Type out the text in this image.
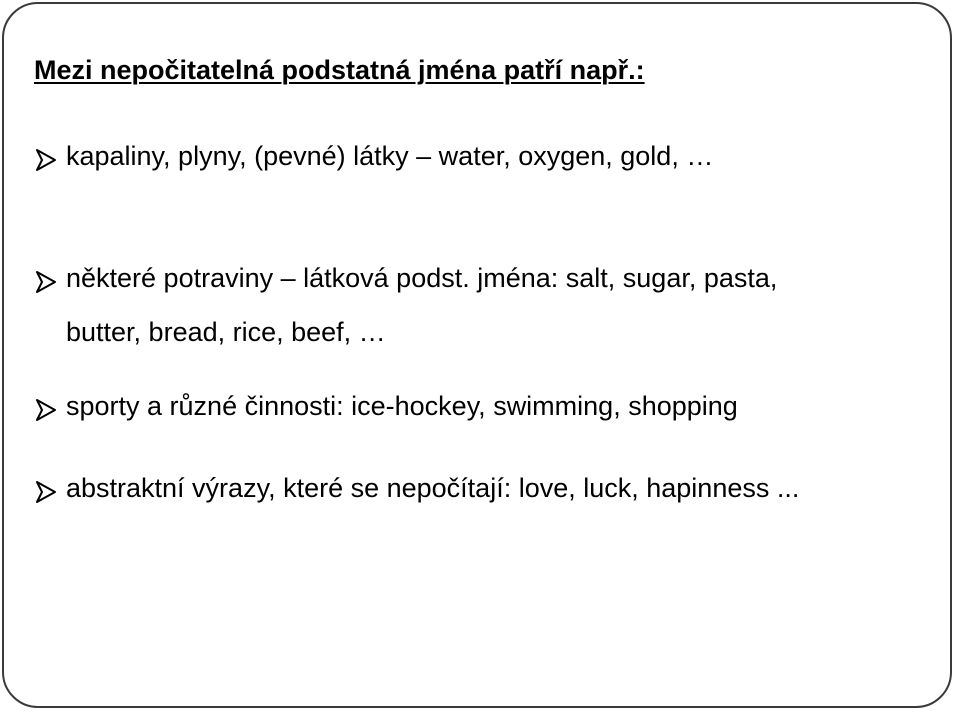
Mezi nepočitatelná podstatná jména patří např.:
kapaliny, plyny, (pevné) látky – water, oxygen, gold, …
některé potraviny – látková podst. jména: salt, sugar, pasta,
butter, bread, rice, beef, …
sporty a různé činnosti: ice-hockey, swimming, shopping
abstraktní výrazy, které se nepočítají: love, luck, hapinness ...
